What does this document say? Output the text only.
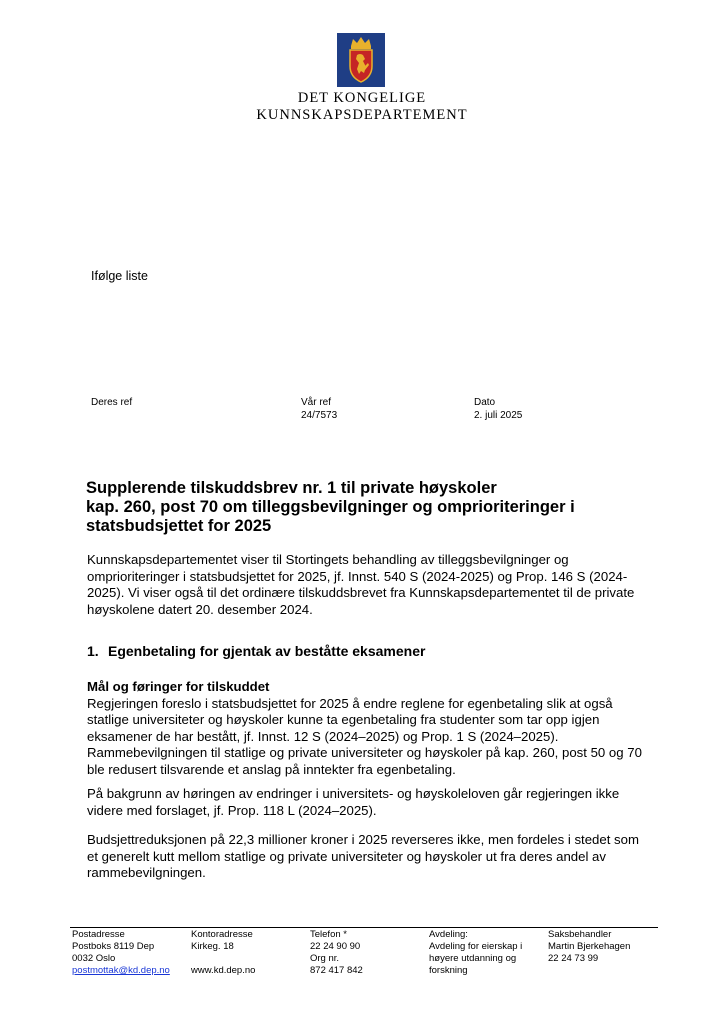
DET KONGELIGE
KUNNSKAPSDEPARTEMENT
Ifølge liste
Deres ref	Vår ref
24/7573
Dato
2. juli 2025
Supplerende tilskuddsbrev nr. 1 til private høyskoler
kap. 260, post 70 om tilleggsbevilgninger og omprioriteringer i
statsbudsjettet for 2025
Kunnskapsdepartementet viser til Stortingets behandling av tilleggsbevilgninger og
omprioriteringer i statsbudsjettet for 2025, jf. Innst. 540 S (2024-2025) og Prop. 146 S (2024-
2025). Vi viser også til det ordinære tilskuddsbrevet fra Kunnskapsdepartementet til de private
høyskolene datert 20. desember 2024.
1. Egenbetaling for gjentak av beståtte eksamener
Mål og føringer for tilskuddet
Regjeringen foreslo i statsbudsjettet for 2025 å endre reglene for egenbetaling slik at også
statlige universiteter og høyskoler kunne ta egenbetaling fra studenter som tar opp igjen
eksamener de har bestått, jf. Innst. 12 S (2024–2025) og Prop. 1 S (2024–2025).
Rammebevilgningen til statlige og private universiteter og høyskoler på kap. 260, post 50 og 70
ble redusert tilsvarende et anslag på inntekter fra egenbetaling.
På bakgrunn av høringen av endringer i universitets- og høyskoleloven går regjeringen ikke
videre med forslaget, jf. Prop. 118 L (2024–2025).
Budsjettreduksjonen på 22,3 millioner kroner i 2025 reverseres ikke, men fordeles i stedet som
et generelt kutt mellom statlige og private universiteter og høyskoler ut fra deres andel av
rammebevilgningen.
Postadresse
Postboks 8119 Dep
0032 Oslo
postmottak@kd.dep.no
Kontoradresse
Kirkeg. 18

www.kd.dep.no
Telefon *
22 24 90 90
Org nr.
872 417 842
Avdeling:
Avdeling for eierskap i
høyere utdanning og
forskning
Saksbehandler
Martin Bjerkehagen
22 24 73 99
